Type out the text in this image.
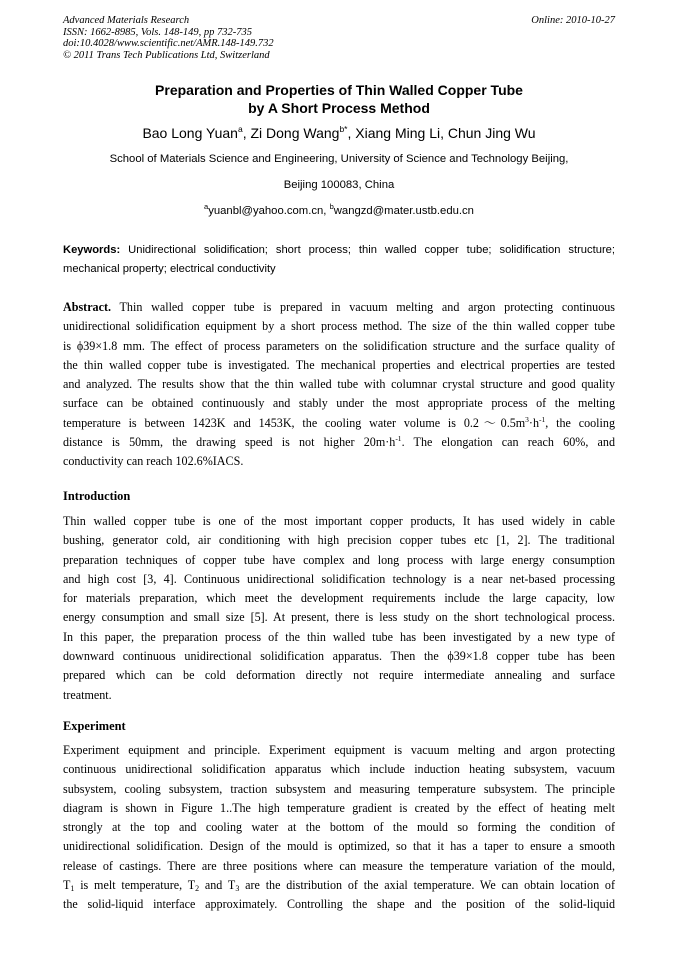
Advanced Materials Research
ISSN: 1662-8985, Vols. 148-149, pp 732-735
doi:10.4028/www.scientific.net/AMR.148-149.732
© 2011 Trans Tech Publications Ltd, Switzerland
Online: 2010-10-27
Preparation and Properties of Thin Walled Copper Tube
by A Short Process Method
Bao Long Yuan$^a$, Zi Dong Wang$^{b*}$, Xiang Ming Li, Chun Jing Wu
School of Materials Science and Engineering, University of Science and Technology Beijing,
Beijing 100083, China
$^a$yuanbl@yahoo.com.cn, $^b$wangzd@mater.ustb.edu.cn
Keywords: Unidirectional solidification; short process; thin walled copper tube; solidification structure;
mechanical property; electrical conductivity
Abstract. Thin walled copper tube is prepared in vacuum melting and argon protecting continuous
unidirectional solidification equipment by a short process method. The size of the thin walled copper tube
is ϕ39×1.8 mm. The effect of process parameters on the solidification structure and the surface quality of
the thin walled copper tube is investigated. The mechanical properties and electrical properties are tested
and analyzed. The results show that the thin walled tube with columnar crystal structure and good quality
surface can be obtained continuously and stably under the most appropriate process of the melting
temperature is between 1423K and 1453K, the cooling water volume is $0.2\sim 0.5m^3\cdot h^{-1}$, the cooling
distance is 50mm, the drawing speed is not higher $20m\cdot h^{-1}$. The elongation can reach 60%, and
conductivity can reach 102.6%IACS.
Introduction
Thin walled copper tube is one of the most important copper products, It has used widely in cable
bushing, generator cold, air conditioning with high precision copper tubes etc [1, 2]. The traditional
preparation techniques of copper tube have complex and long process with large energy consumption
and high cost [3, 4]. Continuous unidirectional solidification technology is a near net-based processing
for materials preparation, which meet the development requirements include the large capacity, low
energy consumption and small size [5]. At present, there is less study on the short technological process.
In this paper, the preparation process of the thin walled tube has been investigated by a new type of
downward continuous unidirectional solidification apparatus. Then the ϕ39×1.8 copper tube has been
prepared which can be cold deformation directly not require intermediate annealing and surface
treatment.
Experiment
Experiment equipment and principle. Experiment equipment is vacuum melting and argon protecting
continuous unidirectional solidification apparatus which include induction heating subsystem, vacuum
subsystem, cooling subsystem, traction subsystem and measuring temperature subsystem. The principle
diagram is shown in Figure 1..The high temperature gradient is created by the effect of heating melt
strongly at the top and cooling water at the bottom of the mould so forming the condition of
unidirectional solidification. Design of the mould is optimized, so that it has a taper to ensure a smooth
release of castings. There are three positions where can measure the temperature variation of the mould,
$T_1$ is melt temperature, $T_2$ and $T_3$ are the distribution of the axial temperature. We can obtain location of
the solid-liquid interface approximately. Controlling the shape and the position of the solid-liquid
